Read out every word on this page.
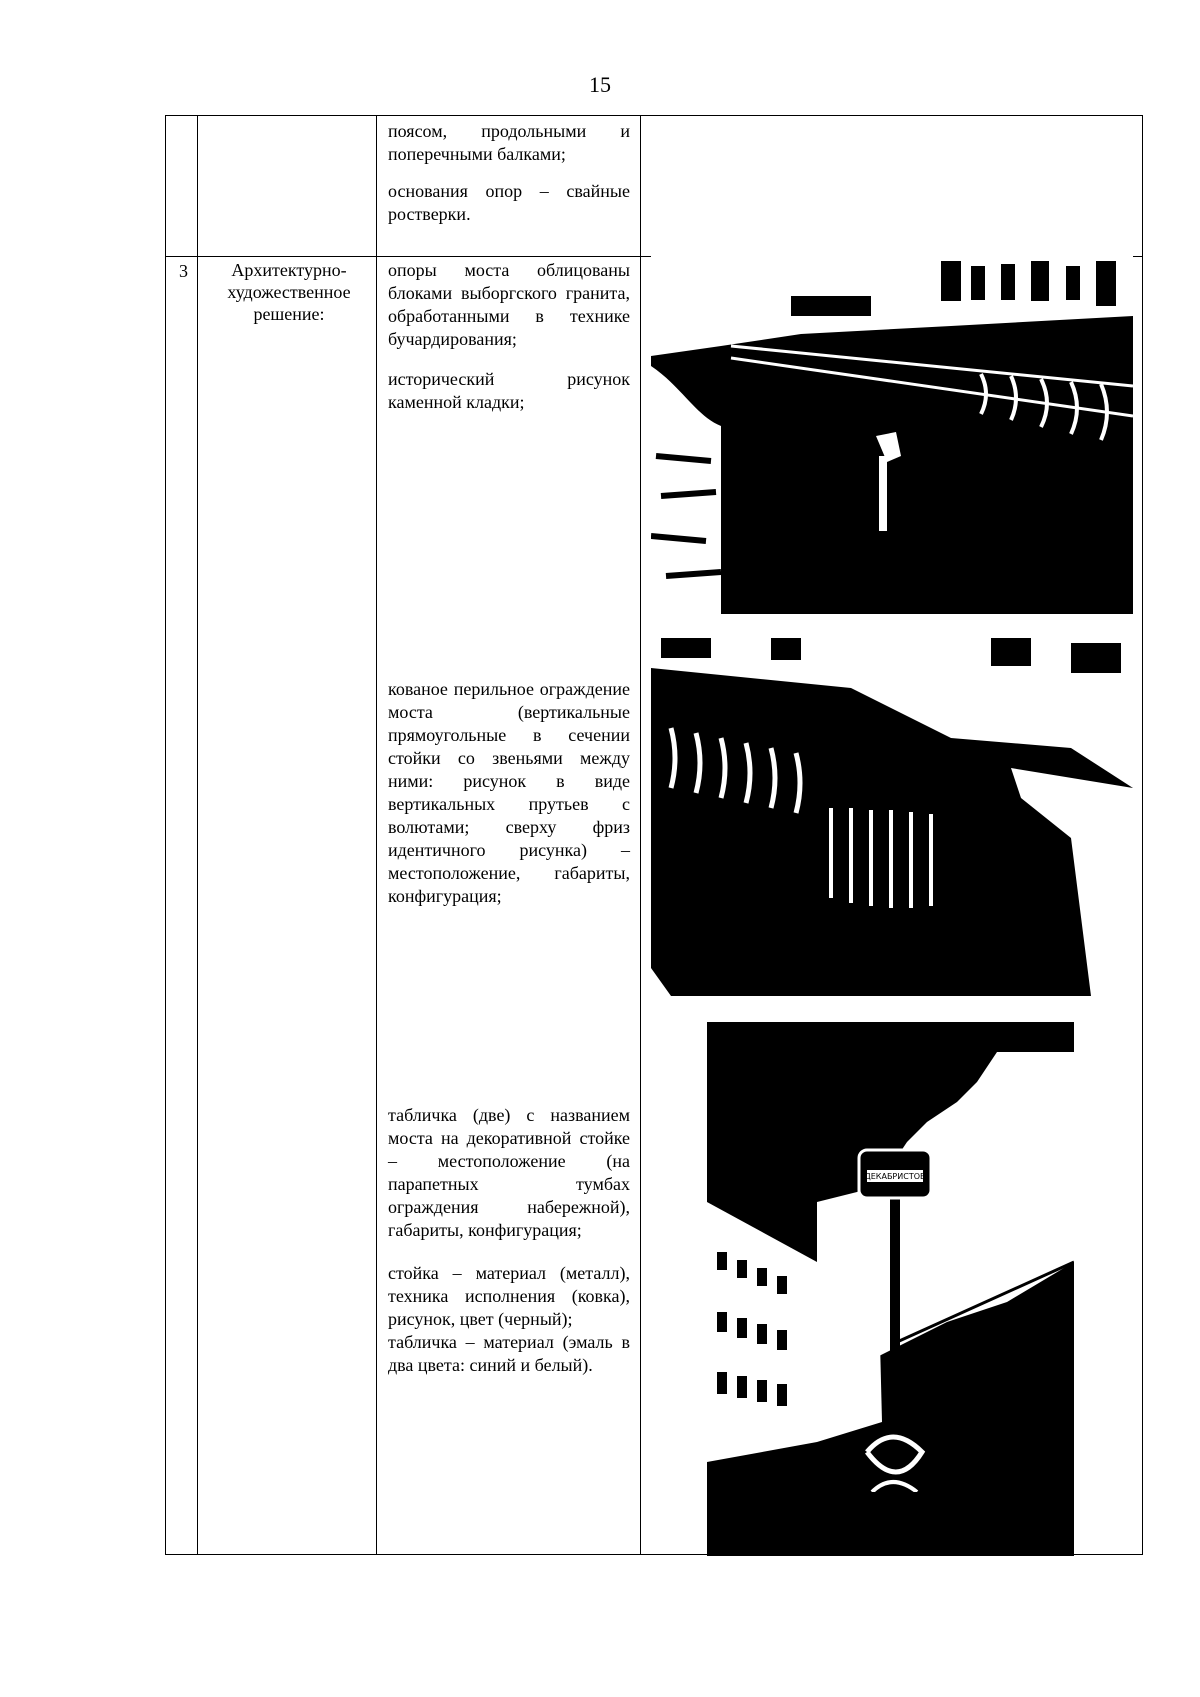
15

поясом, продольными и поперечными балками;

основания опор – свайные ростверки.

3	Архитектурно-художественное решение:

опоры моста облицованы блоками выборгского гранита, обработанными в технике бучардирования;

исторический рисунок каменной кладки;

кованое перильное ограждение моста (вертикальные прямоугольные в сечении стойки со звеньями между ними: рисунок в виде вертикальных прутьев с волютами; сверху фриз идентичного рисунка) – местоположение, габариты, конфигурация;

табличка (две) с названием моста на декоративной стойке – местоположение (на парапетных тумбах ограждения набережной), габариты, конфигурация;

стойка – материал (металл), техника исполнения (ковка), рисунок, цвет (черный);

табличка – материал (эмаль в два цвета: синий и белый).

ДЕКАБРИСТОВ
